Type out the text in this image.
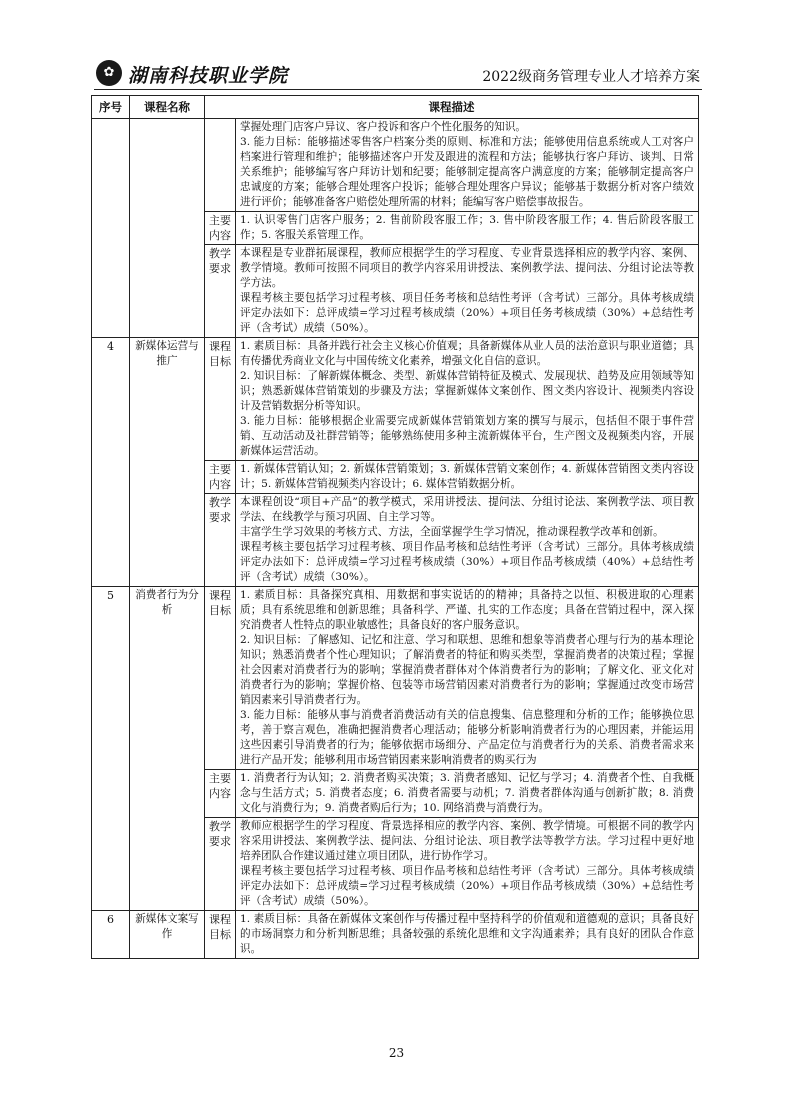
✿ 湖南科技职业学院	2022级商务管理专业人才培养方案
序号	课程名称	课程描述	

			掌握处理门店客户异议、客户投诉和客户个性化服务的知识。
3. 能力目标：能够描述零售客户档案分类的原则、标准和方法；能够使用信息系统或人工对客户档案进行管理和维护；能够描述客户开发及跟进的流程和方法；能够执行客户拜访、谈判、日常关系维护；能够编写客户拜访计划和纪要；能够制定提高客户满意度的方案；能够制定提高客户忠诚度的方案；能够合理处理客户投诉；能够合理处理客户异议；能够基于数据分析对客户绩效进行评价；能够准备客户赔偿处理所需的材料；能编写客户赔偿事故报告。

		主要内容	1. 认识零售门店客户服务；2. 售前阶段客服工作；3. 售中阶段客服工作；4. 售后阶段客服工作；5. 客服关系管理工作。
		教学要求	本课程是专业群拓展课程，教师应根据学生的学习程度、专业背景选择相应的教学内容、案例、教学情境。教师可按照不同项目的教学内容采用讲授法、案例教学法、提问法、分组讨论法等教学方法。
课程考核主要包括学习过程考核、项目任务考核和总结性考评（含考试）三部分。具体考核成绩评定办法如下：总评成绩=学习过程考核成绩（20%）+项目任务考核成绩（30%）+总结性考评（含考试）成绩（50%）。

4	新媒体运营与推广	课程目标	1. 素质目标：具备并践行社会主义核心价值观；具备新媒体从业人员的法治意识与职业道德；具有传播优秀商业文化与中国传统文化素养，增强文化自信的意识。
2. 知识目标：了解新媒体概念、类型、新媒体营销特征及模式、发展现状、趋势及应用领域等知识；熟悉新媒体营销策划的步骤及方法；掌握新媒体文案创作、图文类内容设计、视频类内容设计及营销数据分析等知识。
3. 能力目标：能够根据企业需要完成新媒体营销策划方案的撰写与展示，包括但不限于事件营销、互动活动及社群营销等；能够熟练使用多种主流新媒体平台，生产图文及视频类内容，开展新媒体运营活动。

		主要内容	1. 新媒体营销认知；2. 新媒体营销策划；3. 新媒体营销文案创作；4. 新媒体营销图文类内容设计；5. 新媒体营销视频类内容设计；6. 媒体营销数据分析。
		教学要求	本课程创设“项目+产品”的教学模式，采用讲授法、提问法、分组讨论法、案例教学法、项目教学法、在线教学与预习巩固、自主学习等。
丰富学生学习效果的考核方式、方法，全面掌握学生学习情况，推动课程教学改革和创新。
课程考核主要包括学习过程考核、项目作品考核和总结性考评（含考试）三部分。具体考核成绩评定办法如下：总评成绩=学习过程考核成绩（30%）+项目作品考核成绩（40%）+总结性考评（含考试）成绩（30%）。

5	消费者行为分析	课程目标	1. 素质目标：具备探究真相、用数据和事实说话的的精神；具备持之以恒、积极进取的心理素质；具有系统思维和创新思维；具备科学、严谨、扎实的工作态度；具备在营销过程中，深入探究消费者人性特点的职业敏感性；具备良好的客户服务意识。
2. 知识目标：了解感知、记忆和注意、学习和联想、思维和想象等消费者心理与行为的基本理论知识；熟悉消费者个性心理知识；了解消费者的特征和购买类型，掌握消费者的决策过程；掌握社会因素对消费者行为的影响；掌握消费者群体对个体消费者行为的影响；了解文化、亚文化对消费者行为的影响；掌握价格、包装等市场营销因素对消费者行为的影响；掌握通过改变市场营销因素来引导消费者行为。
3. 能力目标：能够从事与消费者消费活动有关的信息搜集、信息整理和分析的工作；能够换位思考，善于察言观色，准确把握消费者心理活动；能够分析影响消费者行为的心理因素，并能运用这些因素引导消费者的行为；能够依据市场细分、产品定位与消费者行为的关系、消费者需求来进行产品开发；能够利用市场营销因素来影响消费者的购买行为

		主要内容	1. 消费者行为认知；2. 消费者购买决策；3. 消费者感知、记忆与学习；4. 消费者个性、自我概念与生活方式；5. 消费者态度；6. 消费者需要与动机；7. 消费者群体沟通与创新扩散；8. 消费文化与消费行为；9. 消费者购后行为；10. 网络消费与消费行为。
		教学要求	教师应根据学生的学习程度、背景选择相应的教学内容、案例、教学情境。可根据不同的教学内容采用讲授法、案例教学法、提问法、分组讨论法、项目教学法等教学方法。学习过程中更好地培养团队合作建议通过建立项目团队，进行协作学习。
课程考核主要包括学习过程考核、项目作品考核和总结性考评（含考试）三部分。具体考核成绩评定办法如下：总评成绩=学习过程考核成绩（20%）+项目作品考核成绩（30%）+总结性考评（含考试）成绩（50%）。

6	新媒体文案写作	课程目标	1. 素质目标：具备在新媒体文案创作与传播过程中坚持科学的价值观和道德观的意识；具备良好的市场洞察力和分析判断思维；具备较强的系统化思维和文字沟通素养；具有良好的团队合作意识。
23
